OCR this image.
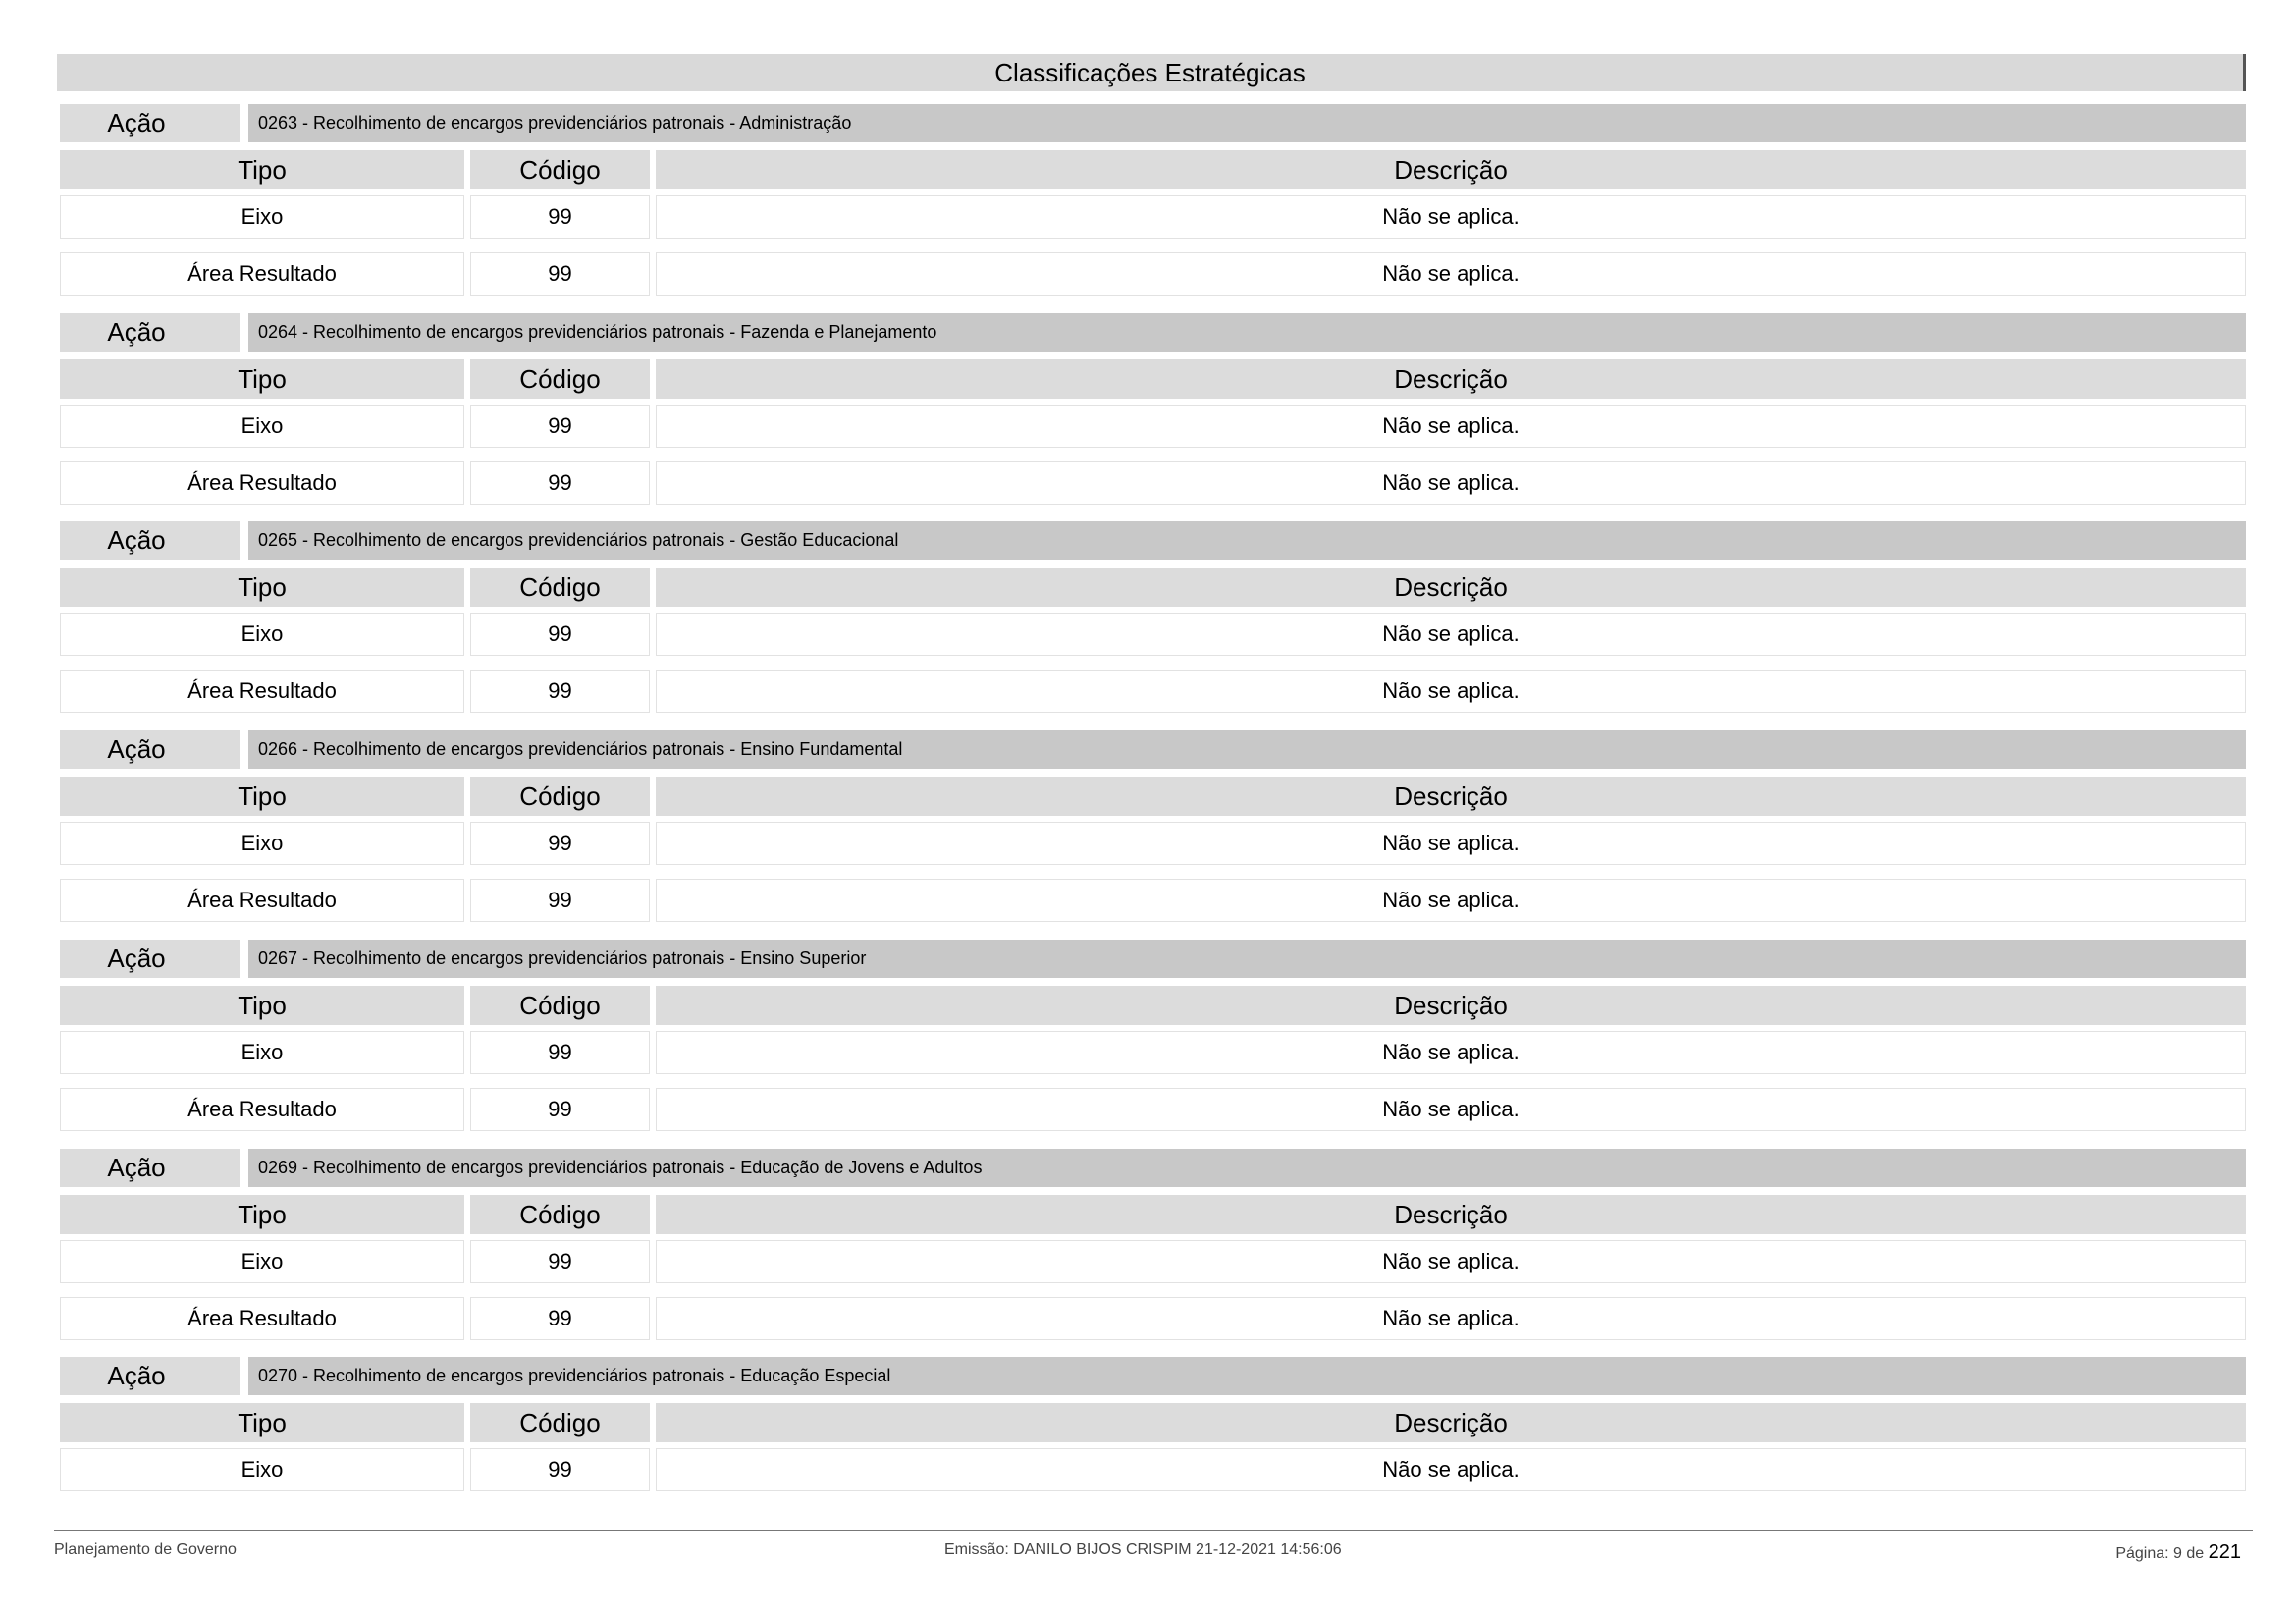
Classificações Estratégicas
Ação	0263 - Recolhimento de encargos previdenciários patronais - Administração
Tipo	Código	Descrição
Eixo	99	Não se aplica.
Área Resultado	99	Não se aplica.
Ação	0264 - Recolhimento de encargos previdenciários patronais - Fazenda e Planejamento
Tipo	Código	Descrição
Eixo	99	Não se aplica.
Área Resultado	99	Não se aplica.
Ação	0265 - Recolhimento de encargos previdenciários patronais - Gestão Educacional
Tipo	Código	Descrição
Eixo	99	Não se aplica.
Área Resultado	99	Não se aplica.
Ação	0266 - Recolhimento de encargos previdenciários patronais - Ensino Fundamental
Tipo	Código	Descrição
Eixo	99	Não se aplica.
Área Resultado	99	Não se aplica.
Ação	0267 - Recolhimento de encargos previdenciários patronais - Ensino Superior
Tipo	Código	Descrição
Eixo	99	Não se aplica.
Área Resultado	99	Não se aplica.
Ação	0269 - Recolhimento de encargos previdenciários patronais - Educação de Jovens e Adultos
Tipo	Código	Descrição
Eixo	99	Não se aplica.
Área Resultado	99	Não se aplica.
Ação	0270 - Recolhimento de encargos previdenciários patronais - Educação Especial
Tipo	Código	Descrição
Eixo	99	Não se aplica.
Planejamento de Governo	Emissão: DANILO BIJOS CRISPIM 21-12-2021 14:56:06	Página: 9 de 221
